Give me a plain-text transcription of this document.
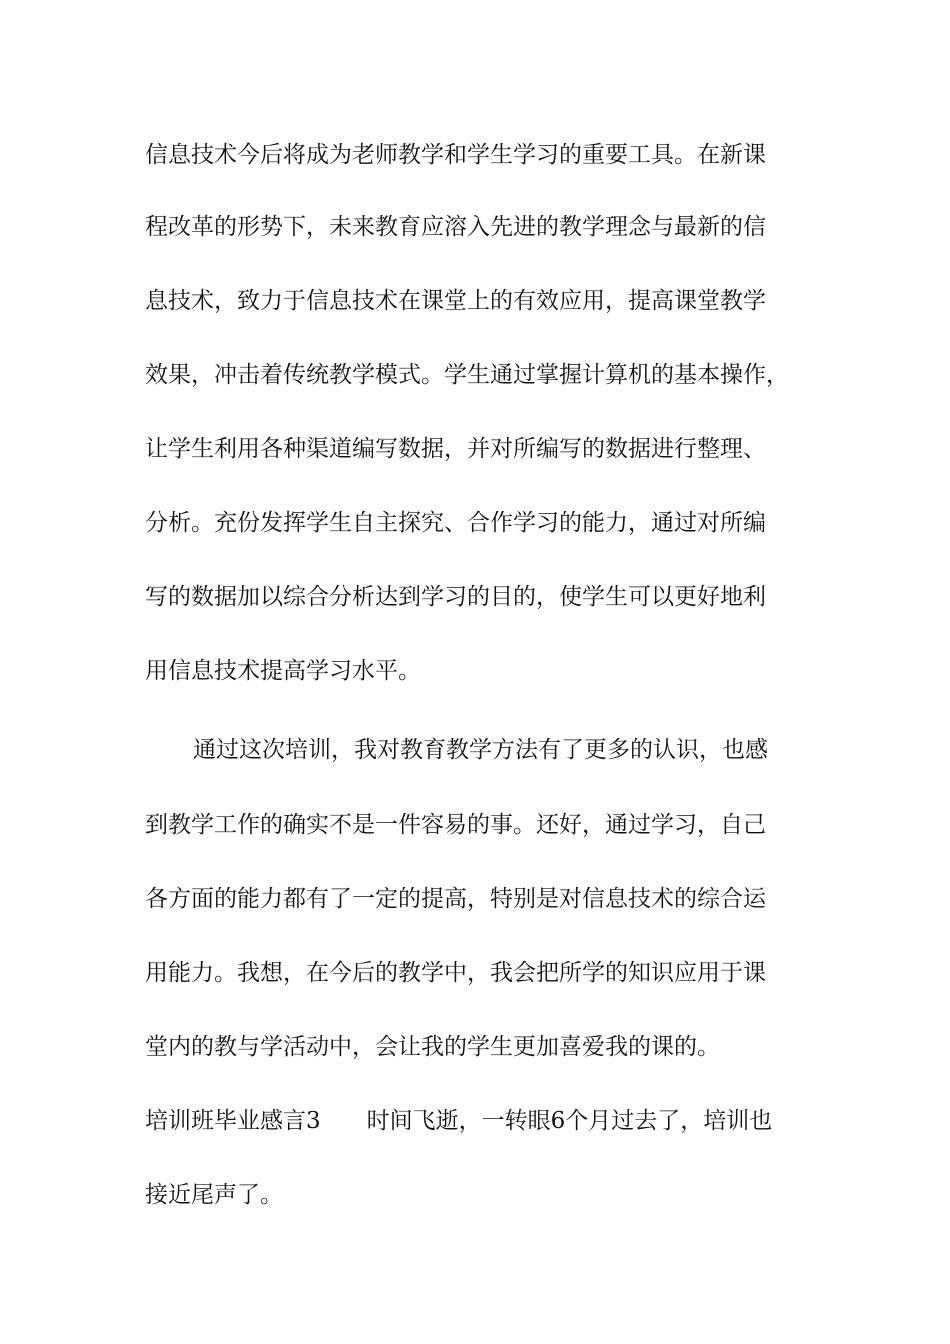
信息技术今后将成为老师教学和学生学习的重要工具。在新课
程改革的形势下，未来教育应溶入先进的教学理念与最新的信
息技术，致力于信息技术在课堂上的有效应用，提高课堂教学
效果，冲击着传统教学模式。学生通过掌握计算机的基本操作，
让学生利用各种渠道编写数据，并对所编写的数据进行整理、
分析。充份发挥学生自主探究、合作学习的能力，通过对所编
写的数据加以综合分析达到学习的目的，使学生可以更好地利
用信息技术提高学习水平。
通过这次培训，我对教育教学方法有了更多的认识，也感
到教学工作的确实不是一件容易的事。还好，通过学习，自己
各方面的能力都有了一定的提高，特别是对信息技术的综合运
用能力。我想，在今后的教学中，我会把所学的知识应用于课
堂内的教与学活动中，会让我的学生更加喜爱我的课的。
培训班毕业感言3 时间飞逝，一转眼6个月过去了，培训也
接近尾声了。
